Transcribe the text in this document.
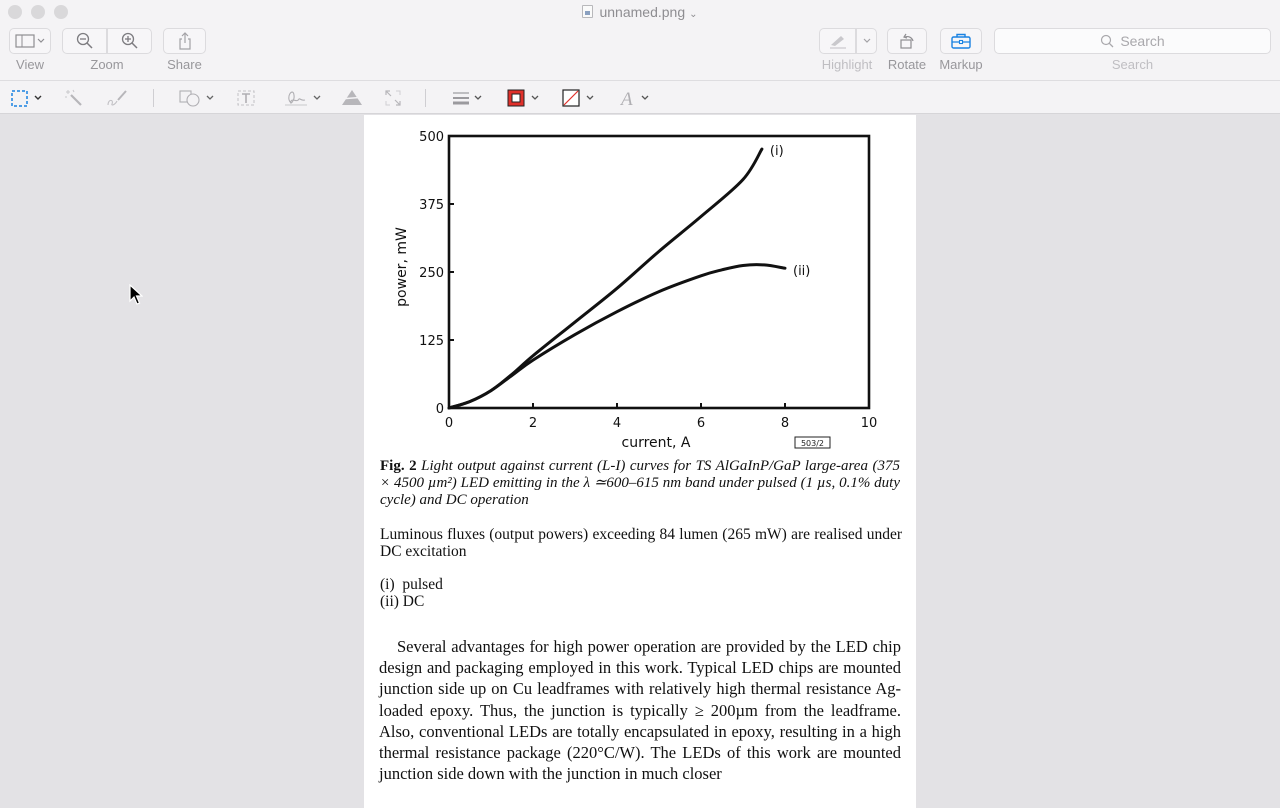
unnamed.png ⌄
View	Zoom	Share	Highlight	Rotate	Markup
Search
Search
A
0
125
250
375
500
0	2	4	6	8	10
(i)
(ii)
power, mW
current, A	503/2
Fig. 2 Light output against current (L-I) curves for TS AlGaInP/GaP large-area (375 × 4500 µm²) LED emitting in the λ ≃600–615 nm band under pulsed (1 µs, 0.1% duty cycle) and DC operation
Luminous fluxes (output powers) exceeding 84 lumen (265 mW) are realised under DC excitation
(i)  pulsed
(ii) DC

Several advantages for high power operation are provided by the LED chip design and packaging employed in this work. Typical LED chips are mounted junction side up on Cu leadframes with relatively high thermal resistance Ag-loaded epoxy. Thus, the junction is typically ≥ 200µm from the leadframe. Also, conventional LEDs are totally encapsulated in epoxy, resulting in a high thermal resistance package (220°C/W). The LEDs of this work are mounted junction side down with the junction in much closer
